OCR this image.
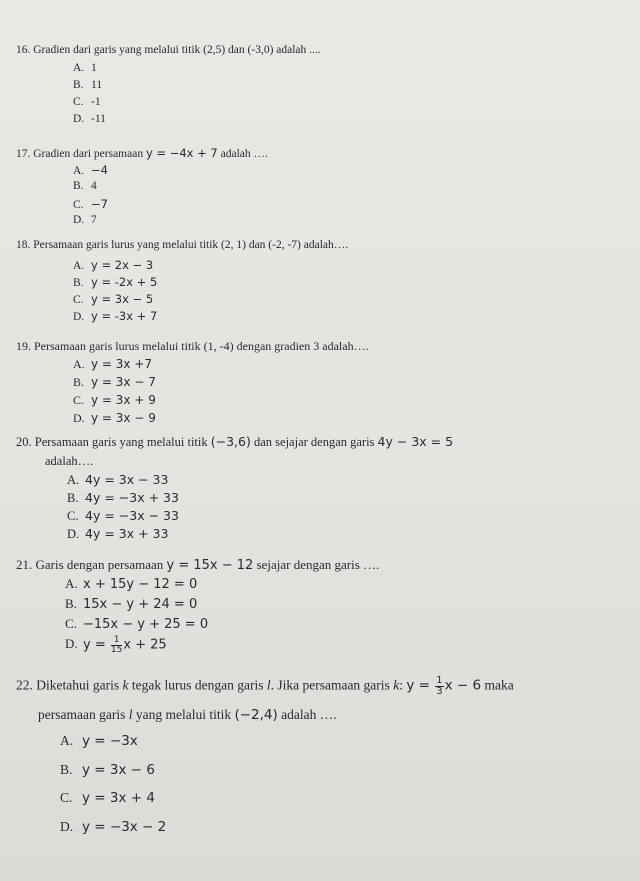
16. Gradien dari garis yang melalui titik (2,5) dan (-3,0) adalah ....
A. 1
B. 11
C. -1
D. -11
17. Gradien dari persamaan y = −4x + 7 adalah ….
A. −4
B. 4
C. −7
D. 7
18. Persamaan garis lurus yang melalui titik (2, 1) dan (-2, -7) adalah….
A. y = 2x − 3
B. y = -2x + 5
C. y = 3x − 5
D. y = -3x + 7
19. Persamaan garis lurus melalui titik (1, -4) dengan gradien 3 adalah….
A. y = 3x +7
B. y = 3x − 7
C. y = 3x + 9
D. y = 3x − 9
20. Persamaan garis yang melalui titik (−3,6) dan sejajar dengan garis 4y − 3x = 5
adalah….
A. 4y = 3x − 33
B. 4y = −3x + 33
C. 4y = −3x − 33
D. 4y = 3x + 33
21. Garis dengan persamaan y = 15x − 12 sejajar dengan garis ….
A. x + 15y − 12 = 0
B. 15x − y + 24 = 0
C. −15x − y + 25 = 0
D. $y = \frac{1}{15}$ x + 25
22. Diketahui garis k tegak lurus dengan garis l. Jika persamaan garis k: $y = \frac{1}{3}$ x − 6 maka
persamaan garis l yang melalui titik (−2,4) adalah ….
A. y = −3x
B. y = 3x − 6
C. y = 3x + 4
D. y = −3x − 2
